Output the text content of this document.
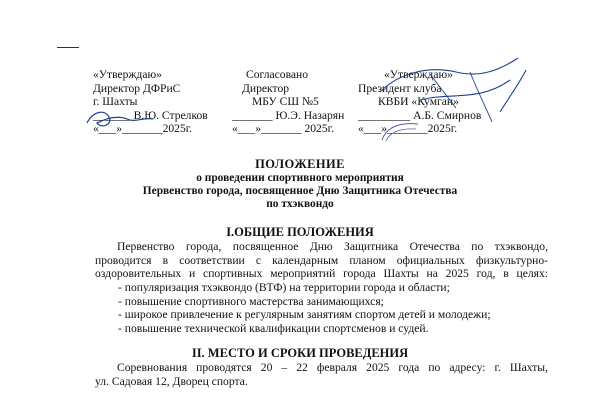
«Утверждаю»
Директор ДФРиС
г. Шахты
_______В.Ю. Стрелков
«___»_______2025г.
Согласовано
Директор
МБУ СШ №5
_______ Ю.Э. Назарян
«___»_______ 2025г.
«Утверждаю»
Президент клуба
КВБИ «Кумган»
_________ А.Б. Смирнов
«___»_______2025г.
ПОЛОЖЕНИЕ
о проведении спортивного мероприятия
Первенство города, посвященное Дню Защитника Отечества
по тхэквондо
I.ОБЩИЕ ПОЛОЖЕНИЯ
Первенство города, посвященное Дню Защитника Отечества по тхэквондо,
проводится в соответствии с календарным планом официальных физкультурно-
оздоровительных и спортивных мероприятий города Шахты на 2025 год, в целях:
- популяризация тхэквондо (ВТФ) на территории города и области;
- повышение спортивного мастерства занимающихся;
- широкое привлечение к регулярным занятиям спортом детей и молодежи;
- повышение технической квалификации спортсменов и судей.
II. МЕСТО И СРОКИ ПРОВЕДЕНИЯ
Соревнования проводятся 20 – 22 февраля 2025 года по адресу: г. Шахты,
ул. Садовая 12, Дворец спорта.
